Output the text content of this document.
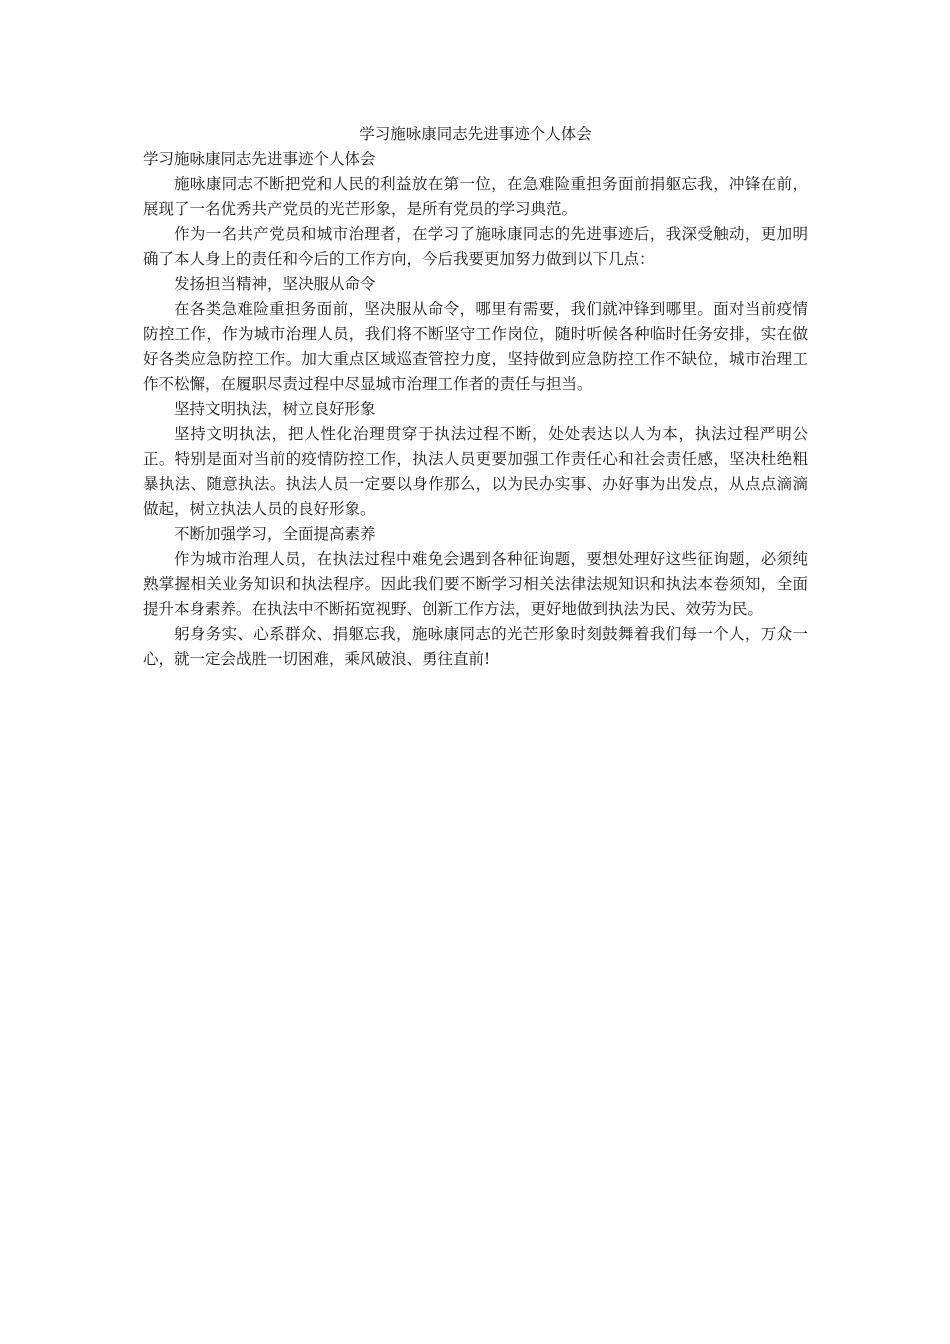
学习施咏康同志先进事迹个人体会

学习施咏康同志先进事迹个人体会

施咏康同志不断把党和人民的利益放在第一位，在急难险重担务面前捐躯忘我，冲锋在前，展现了一名优秀共产党员的光芒形象，是所有党员的学习典范。

作为一名共产党员和城市治理者，在学习了施咏康同志的先进事迹后，我深受触动，更加明确了本人身上的责任和今后的工作方向，今后我要更加努力做到以下几点：

发扬担当精神，坚决服从命令

在各类急难险重担务面前，坚决服从命令，哪里有需要，我们就冲锋到哪里。面对当前疫情防控工作，作为城市治理人员，我们将不断坚守工作岗位，随时听候各种临时任务安排，实在做好各类应急防控工作。加大重点区域巡查管控力度，坚持做到应急防控工作不缺位，城市治理工作不松懈，在履职尽责过程中尽显城市治理工作者的责任与担当。

坚持文明执法，树立良好形象

坚持文明执法，把人性化治理贯穿于执法过程不断，处处表达以人为本，执法过程严明公正。特别是面对当前的疫情防控工作，执法人员更要加强工作责任心和社会责任感，坚决杜绝粗暴执法、随意执法。执法人员一定要以身作那么，以为民办实事、办好事为出发点，从点点滴滴做起，树立执法人员的良好形象。

不断加强学习，全面提高素养

作为城市治理人员，在执法过程中难免会遇到各种征询题，要想处理好这些征询题，必须纯熟掌握相关业务知识和执法程序。因此我们要不断学习相关法律法规知识和执法本卷须知，全面提升本身素养。在执法中不断拓宽视野、创新工作方法，更好地做到执法为民、效劳为民。

躬身务实、心系群众、捐躯忘我，施咏康同志的光芒形象时刻鼓舞着我们每一个人，万众一心，就一定会战胜一切困难，乘风破浪、勇往直前!
